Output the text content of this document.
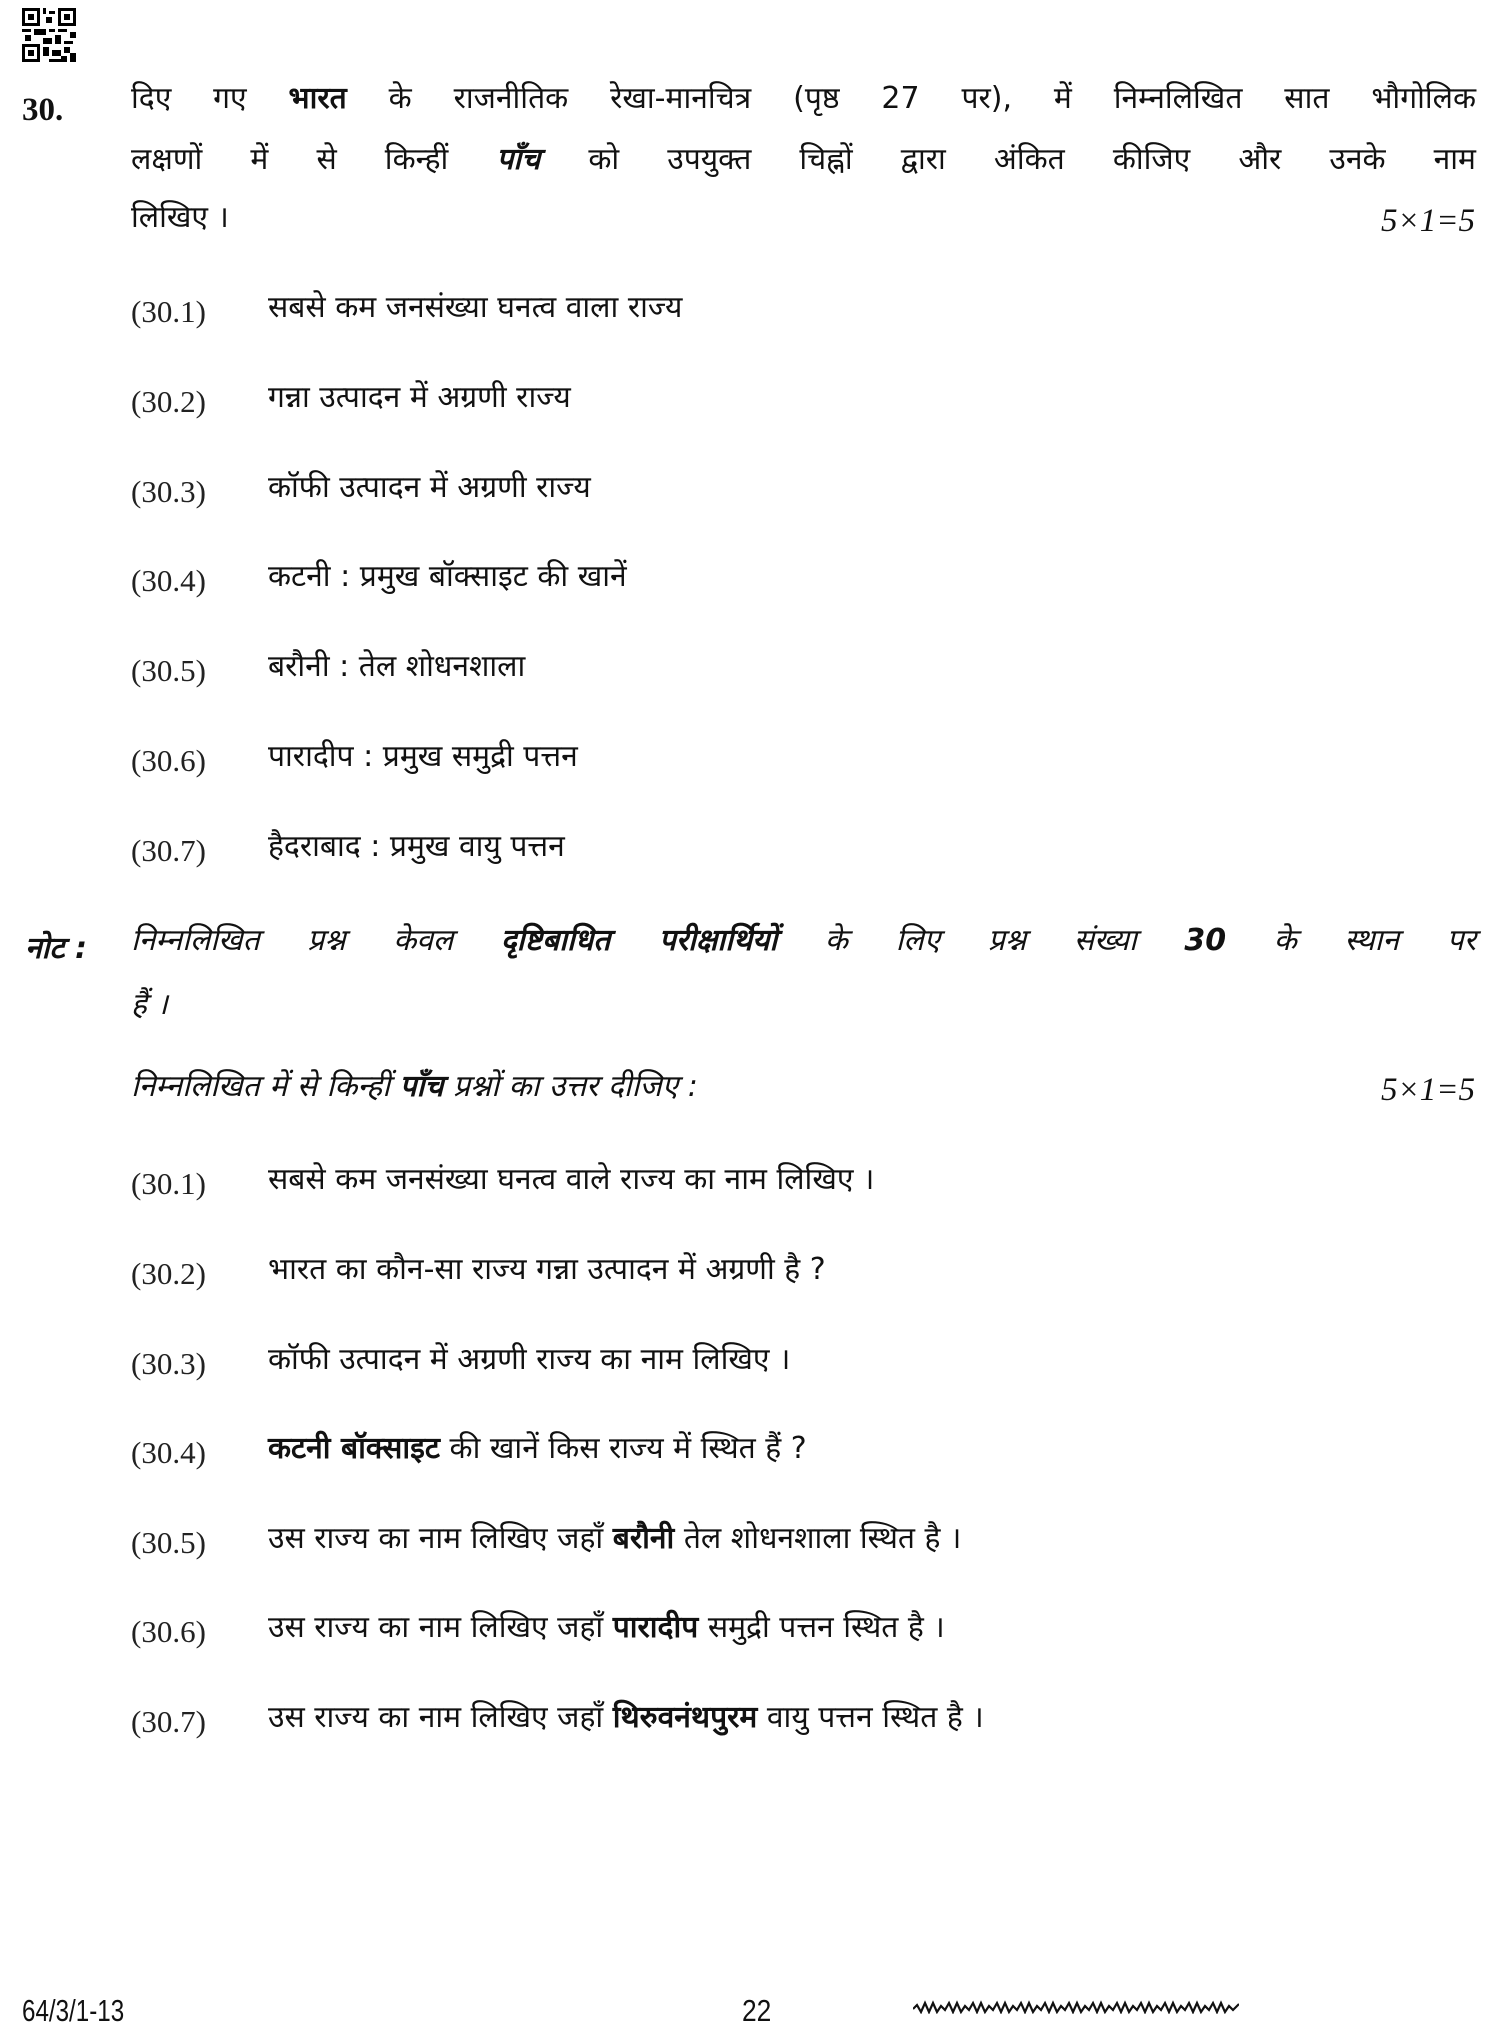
30. दिए गए भारत के राजनीतिक रेखा-मानचित्र (पृष्ठ 27 पर), में निम्नलिखित सात भौगोलिक
लक्षणों में से किन्हीं पाँच को उपयुक्त चिह्नों द्वारा अंकित कीजिए और उनके नाम
लिखिए ।	5×1=5
(30.1) सबसे कम जनसंख्या घनत्व वाला राज्य
(30.2) गन्ना उत्पादन में अग्रणी राज्य
(30.3) कॉफी उत्पादन में अग्रणी राज्य
(30.4) कटनी : प्रमुख बॉक्साइट की खानें
(30.5) बरौनी : तेल शोधनशाला
(30.6) पारादीप : प्रमुख समुद्री पत्तन
(30.7) हैदराबाद : प्रमुख वायु पत्तन
नोट : निम्नलिखित प्रश्न केवल दृष्टिबाधित परीक्षार्थियों के लिए प्रश्न संख्या 30 के स्थान पर
हैं ।
निम्नलिखित में से किन्हीं पाँच प्रश्नों का उत्तर दीजिए :	5×1=5
(30.1) सबसे कम जनसंख्या घनत्व वाले राज्य का नाम लिखिए ।
(30.2) भारत का कौन-सा राज्य गन्ना उत्पादन में अग्रणी है ?
(30.3) कॉफी उत्पादन में अग्रणी राज्य का नाम लिखिए ।
(30.4) कटनी बॉक्साइट की खानें किस राज्य में स्थित हैं ?
(30.5) उस राज्य का नाम लिखिए जहाँ बरौनी तेल शोधनशाला स्थित है ।
(30.6) उस राज्य का नाम लिखिए जहाँ पारादीप समुद्री पत्तन स्थित है ।
(30.7) उस राज्य का नाम लिखिए जहाँ थिरुवनंथपुरम वायु पत्तन स्थित है ।
64/3/1-13	22
